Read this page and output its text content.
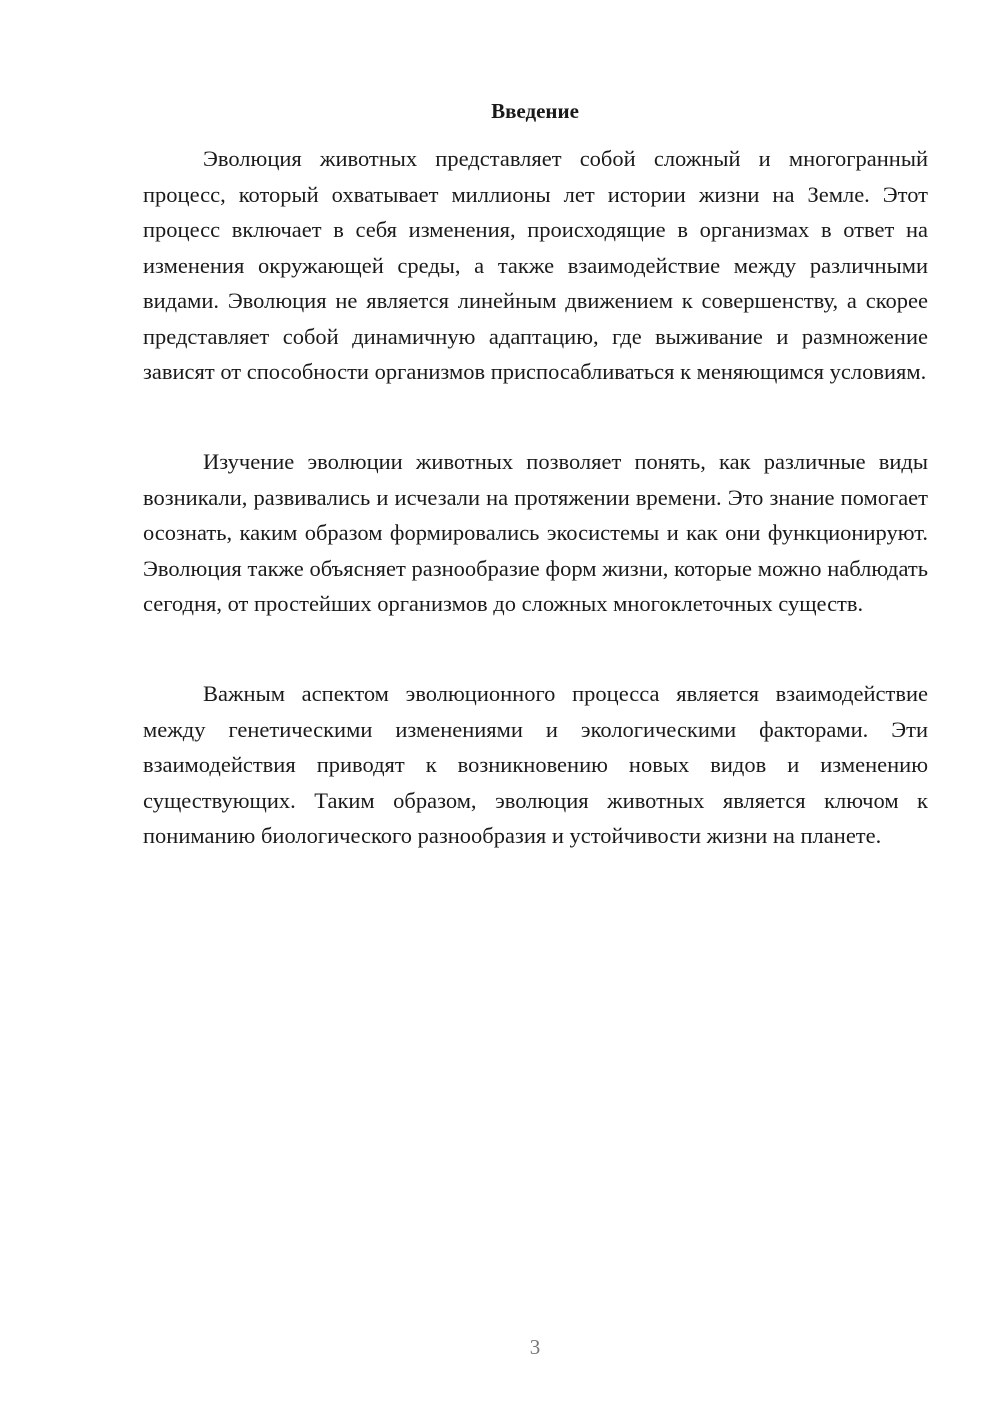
Введение

Эволюция животных представляет собой сложный и многогранный процесс, который охватывает миллионы лет истории жизни на Земле. Этот процесс включает в себя изменения, происходящие в организмах в ответ на изменения окружающей среды, а также взаимодействие между различными видами. Эволюция не является линейным движением к совершенству, а скорее представляет собой динамичную адаптацию, где выживание и размножение зависят от способности организмов приспосабливаться к меняющимся условиям.

Изучение эволюции животных позволяет понять, как различные виды возникали, развивались и исчезали на протяжении времени. Это знание помогает осознать, каким образом формировались экосистемы и как они функционируют. Эволюция также объясняет разнообразие форм жизни, которые можно наблюдать сегодня, от простейших организмов до сложных многоклеточных существ.

Важным аспектом эволюционного процесса является взаимодействие между генетическими изменениями и экологическими факторами. Эти взаимодействия приводят к возникновению новых видов и изменению существующих. Таким образом, эволюция животных является ключом к пониманию биологического разнообразия и устойчивости жизни на планете.

3
